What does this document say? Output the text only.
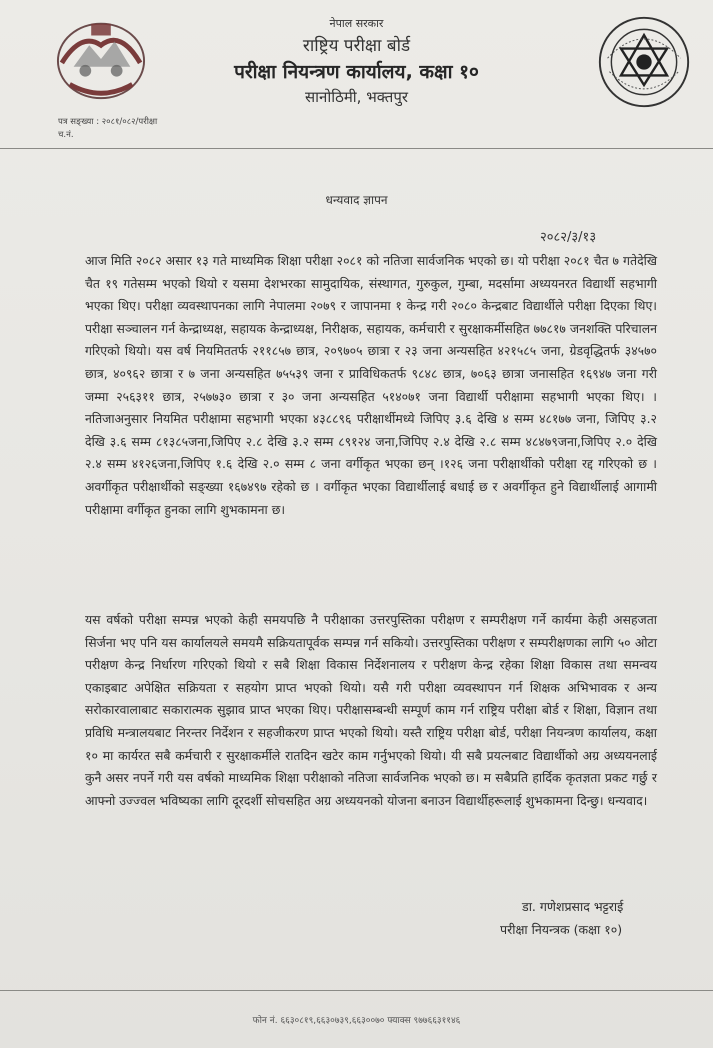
नेपाल सरकार
राष्ट्रिय परीक्षा बोर्ड
परीक्षा नियन्त्रण कार्यालय, कक्षा १०
सानोठिमी, भक्तपुर
पत्र सङ्ख्या : २०८१/०८२/परीक्षा
च.नं.
धन्यवाद ज्ञापन
२०८२/३/१३

आज मिति २०८२ असार १३ गते माध्यमिक शिक्षा परीक्षा २०८१ को नतिजा सार्वजनिक भएको छ। यो परीक्षा २०८१ चैत ७ गतेदेखि चैत १९ गतेसम्म भएको थियो र यसमा देशभरका सामुदायिक, संस्थागत, गुरुकुल, गुम्बा, मदर्सामा अध्ययनरत विद्यार्थी सहभागी भएका थिए। परीक्षा व्यवस्थापनका लागि नेपालमा २०७९ र जापानमा १ केन्द्र गरी २०८० केन्द्रबाट विद्यार्थीले परीक्षा दिएका थिए। परीक्षा सञ्चालन गर्न केन्द्राध्यक्ष, सहायक केन्द्राध्यक्ष, निरीक्षक, सहायक, कर्मचारी र सुरक्षाकर्मीसहित ७७८१७ जनशक्ति परिचालन गरिएको थियो। यस वर्ष नियमिततर्फ २११८५७ छात्र, २०९७०५ छात्रा र २३ जना अन्यसहित ४२१५८५ जना, ग्रेडवृद्धितर्फ ३४५७० छात्र, ४०९६२ छात्रा र ७ जना अन्यसहित ७५५३९ जना र प्राविधिकतर्फ ९८४८ छात्र, ७०६३ छात्रा जनासहित १६९४७ जना गरी जम्मा २५६३११ छात्र, २५७७३० छात्रा र ३० जना अन्यसहित ५१४०७१ जना विद्यार्थी परीक्षामा सहभागी भएका थिए। ।नतिजाअनुसार नियमित परीक्षामा सहभागी भएका ४३८८९६ परीक्षार्थीमध्ये जिपिए ३.६ देखि ४ सम्म ४८१७७ जना, जिपिए ३.२ देखि ३.६ सम्म ८१३८५जना,जिपिए २.८ देखि ३.२ सम्म ८९१२४ जना,जिपिए २.४ देखि २.८ सम्म ४८४७९जना,जिपिए २.० देखि २.४ सम्म ४१२६जना,जिपिए १.६ देखि २.० सम्म ८ जना वर्गीकृत भएका छन् ।१२६ जना परीक्षार्थीको परीक्षा रद्द गरिएको छ । अवर्गीकृत परीक्षार्थीको सङ्ख्या १६७४९७ रहेको छ । वर्गीकृत भएका विद्यार्थीलाई बधाई छ र अवर्गीकृत हुने विद्यार्थीलाई आगामी परीक्षामा वर्गीकृत हुनका लागि शुभकामना छ।

यस वर्षको परीक्षा सम्पन्न भएको केही समयपछि नै परीक्षाका उत्तरपुस्तिका परीक्षण र सम्परीक्षण गर्ने कार्यमा केही असहजता सिर्जना भए पनि यस कार्यालयले समयमै सक्रियतापूर्वक सम्पन्न गर्न सकियो। उत्तरपुस्तिका परीक्षण र सम्परीक्षणका लागि ५० ओटा परीक्षण केन्द्र निर्धारण गरिएको थियो र सबै शिक्षा विकास निर्देशनालय र परीक्षण केन्द्र रहेका शिक्षा विकास तथा समन्वय एकाइबाट अपेक्षित सक्रियता र सहयोग प्राप्त भएको थियो। यसै गरी परीक्षा व्यवस्थापन गर्न शिक्षक अभिभावक र अन्य सरोकारवालाबाट सकारात्मक सुझाव प्राप्त भएका थिए। परीक्षासम्बन्धी सम्पूर्ण काम गर्न राष्ट्रिय परीक्षा बोर्ड र शिक्षा, विज्ञान तथा प्रविधि मन्त्रालयबाट निरन्तर निर्देशन र सहजीकरण प्राप्त भएको थियो। यस्तै राष्ट्रिय परीक्षा बोर्ड, परीक्षा नियन्त्रण कार्यालय, कक्षा १० मा कार्यरत सबै कर्मचारी र सुरक्षाकर्मीले रातदिन खटेर काम गर्नुभएको थियो। यी सबै प्रयत्नबाट विद्यार्थीको अग्र अध्ययनलाई कुनै असर नपर्ने गरी यस वर्षको माध्यमिक शिक्षा परीक्षाको नतिजा सार्वजनिक भएको छ। म सबैप्रति हार्दिक कृतज्ञता प्रकट गर्छु र आफ्नो उज्ज्वल भविष्यका लागि दूरदर्शी सोचसहित अग्र अध्ययनको योजना बनाउन विद्यार्थीहरूलाई शुभकामना दिन्छु। धन्यवाद।

डा. गणेशप्रसाद भट्टराई
परीक्षा नियन्त्रक (कक्षा १०)
फोन नं. ६६३०८१९,६६३०७३९,६६३००७० फ्याक्स ९७७६६३११४६
